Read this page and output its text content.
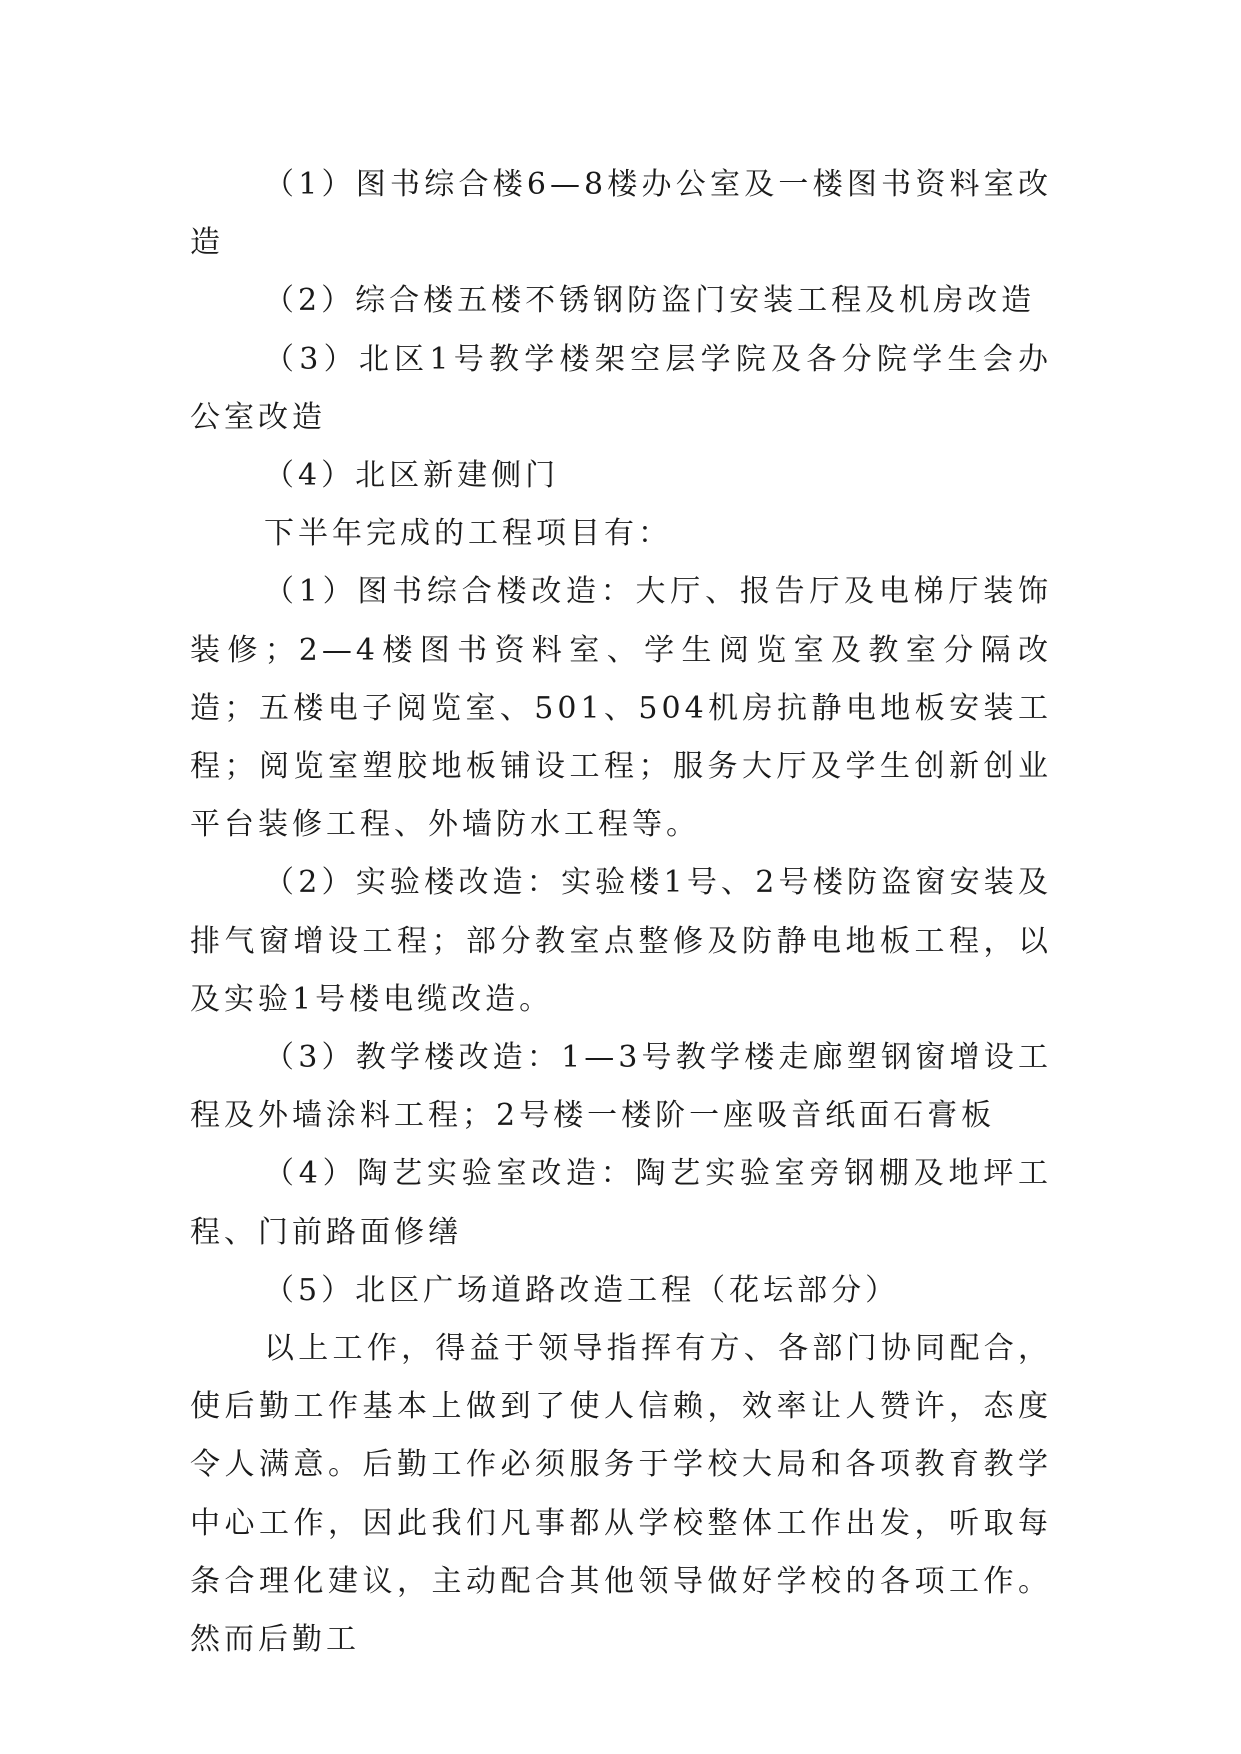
（1）图书综合楼6—8楼办公室及一楼图书资料室改造

（2）综合楼五楼不锈钢防盗门安装工程及机房改造

（3）北区1号教学楼架空层学院及各分院学生会办公室改造

（4）北区新建侧门

下半年完成的工程项目有：

（1）图书综合楼改造：大厅、报告厅及电梯厅装饰装修；2—4楼图书资料室、学生阅览室及教室分隔改造；五楼电子阅览室、501、504机房抗静电地板安装工程；阅览室塑胶地板铺设工程；服务大厅及学生创新创业平台装修工程、外墙防水工程等。

（2）实验楼改造：实验楼1号、2号楼防盗窗安装及排气窗增设工程；部分教室点整修及防静电地板工程，以及实验1号楼电缆改造。

（3）教学楼改造：1—3号教学楼走廊塑钢窗增设工程及外墙涂料工程；2号楼一楼阶一座吸音纸面石膏板

（4）陶艺实验室改造：陶艺实验室旁钢棚及地坪工程、门前路面修缮

（5）北区广场道路改造工程（花坛部分）

以上工作，得益于领导指挥有方、各部门协同配合，使后勤工作基本上做到了使人信赖，效率让人赞许，态度令人满意。后勤工作必须服务于学校大局和各项教育教学中心工作，因此我们凡事都从学校整体工作出发，听取每条合理化建议，主动配合其他领导做好学校的各项工作。然而后勤工
